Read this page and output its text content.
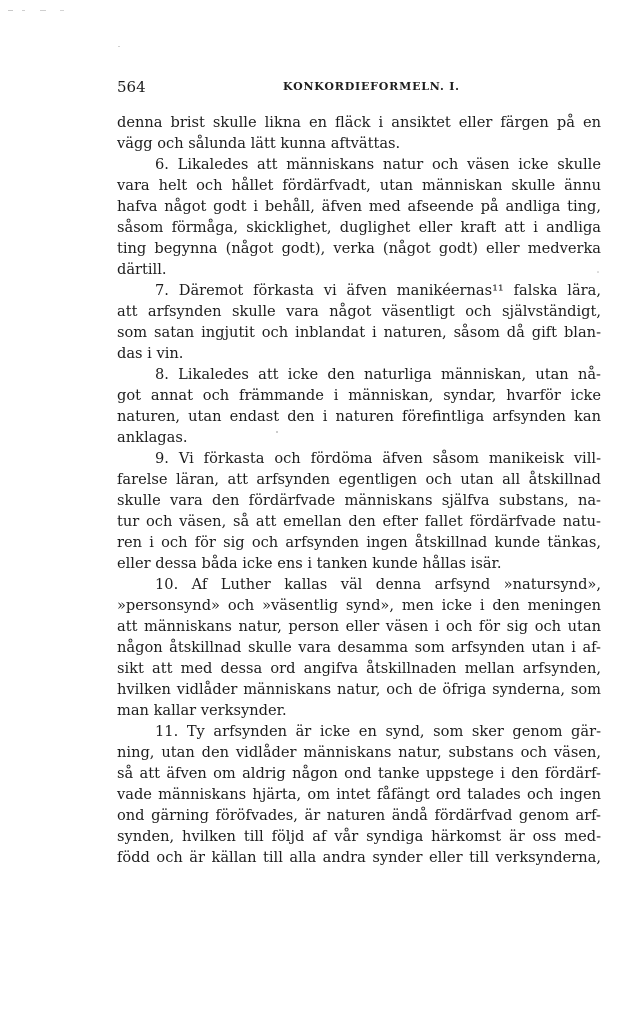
564	KONKORDIEFORMELN. I.
denna brist skulle likna en fläck i ansiktet eller färgen på en
vägg och sålunda lätt kunna aftvättas.
6. Likaledes att människans natur och väsen icke skulle
vara helt och hållet fördärfvadt, utan människan skulle ännu
hafva något godt i behåll, äfven med afseende på andliga ting,
såsom förmåga, skicklighet, duglighet eller kraft att i andliga
ting begynna (något godt), verka (något godt) eller medverka
därtill.
7. Däremot förkasta vi äfven manikéernas¹¹ falska lära,
att arfsynden skulle vara något väsentligt och självständigt,
som satan ingjutit och inblandat i naturen, såsom då gift blan-
das i vin.
8. Likaledes att icke den naturliga människan, utan nå-
got annat och främmande i människan, syndar, hvarför icke
naturen, utan endast den i naturen förefintliga arfsynden kan
anklagas.
9. Vi förkasta och fördöma äfven såsom manikeisk vill-
farelse läran, att arfsynden egentligen och utan all åtskillnad
skulle vara den fördärfvade människans själfva substans, na-
tur och väsen, så att emellan den efter fallet fördärfvade natu-
ren i och för sig och arfsynden ingen åtskillnad kunde tänkas,
eller dessa båda icke ens i tanken kunde hållas isär.
10. Af Luther kallas väl denna arfsynd »natursynd»,
»personsynd» och »väsentlig synd», men icke i den meningen
att människans natur, person eller väsen i och för sig och utan
någon åtskillnad skulle vara desamma som arfsynden utan i af-
sikt att med dessa ord angifva åtskillnaden mellan arfsynden,
hvilken vidlåder människans natur, och de öfriga synderna, som
man kallar verksynder.
11. Ty arfsynden är icke en synd, som sker genom gär-
ning, utan den vidlåder människans natur, substans och väsen,
så att äfven om aldrig någon ond tanke uppstege i den fördärf-
vade människans hjärta, om intet fåfängt ord talades och ingen
ond gärning föröfvades, är naturen ändå fördärfvad genom arf-
synden, hvilken till följd af vår syndiga härkomst är oss med-
född och är källan till alla andra synder eller till verksynderna,
